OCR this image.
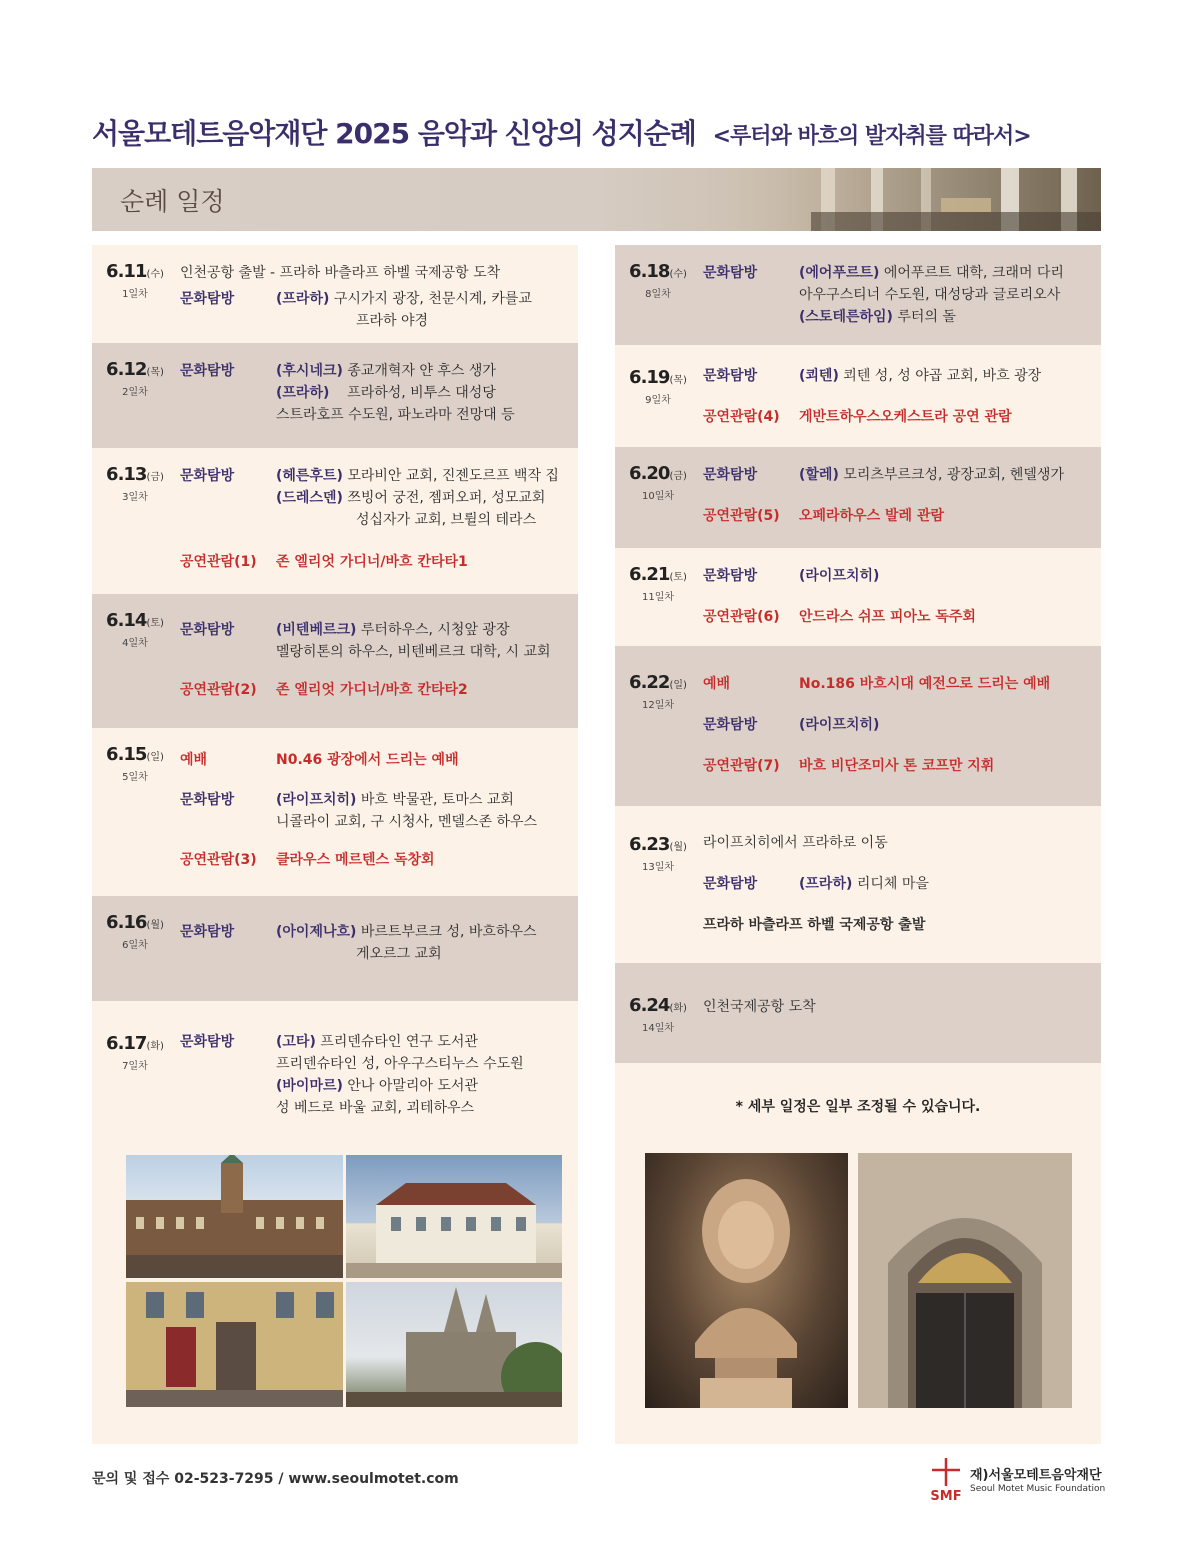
서울모테트음악재단 2025 음악과 신앙의 성지순례 <루터와 바흐의 발자취를 따라서>
순례 일정
6.11(수)
1일차
인천공항 출발 - 프라하 바츨라프 하벨 국제공항 도착
문화탐방	(프라하) 구시가지 광장, 천문시계, 카를교
프라하 야경
6.12(목)
2일차
문화탐방	(후시네크) 종교개혁자 얀 후스 생가
(프라하)    프라하성, 비투스 대성당
스트라호프 수도원, 파노라마 전망대 등
6.13(금)
3일차
문화탐방	(헤른후트) 모라비안 교회, 진젠도르프 백작 집
(드레스덴) 쯔빙어 궁전, 젬퍼오퍼, 성모교회
성십자가 교회, 브륄의 테라스
공연관람(1) 존 엘리엇 가디너/바흐 칸타타1
6.14(토)
4일차
문화탐방	(비텐베르크) 루터하우스, 시청앞 광장
멜랑히톤의 하우스, 비텐베르크 대학, 시 교회
공연관람(2) 존 엘리엇 가디너/바흐 칸타타2
6.15(일)
5일차
예배	N0.46 광장에서 드리는 예배
문화탐방	(라이프치히) 바흐 박물관, 토마스 교회
니콜라이 교회, 구 시청사, 멘델스존 하우스
공연관람(3) 클라우스 메르텐스 독창회
6.16(월)
6일차
문화탐방	(아이제나흐) 바르트부르크 성, 바흐하우스
게오르그 교회
6.17(화)
7일차
문화탐방	(고타) 프리덴슈타인 연구 도서관
프리덴슈타인 성, 아우구스티누스 수도원
(바이마르) 안나 아말리아 도서관
성 베드로 바울 교회, 괴테하우스
6.18(수)
8일차
문화탐방	(에어푸르트) 에어푸르트 대학, 크래머 다리
아우구스티너 수도원, 대성당과 글로리오사
(스토테른하임) 루터의 돌
6.19(목)
9일차
문화탐방	(쾨텐) 쾨텐 성, 성 야곱 교회, 바흐 광장
공연관람(4) 게반트하우스오케스트라 공연 관람
6.20(금)
10일차
문화탐방	(할레) 모리츠부르크성, 광장교회, 헨델생가
공연관람(5) 오페라하우스 발레 관람
6.21(토)
11일차
문화탐방	(라이프치히)
공연관람(6) 안드라스 쉬프 피아노 독주회
6.22(일)
12일차
예배	No.186 바흐시대 예전으로 드리는 예배
문화탐방	(라이프치히)
공연관람(7) 바흐 비단조미사 톤 코프만 지휘
6.23(월)
13일차
라이프치히에서 프라하로 이동
문화탐방	(프라하) 리디체 마을
프라하 바츨라프 하벨 국제공항 출발
6.24(화)
14일차
인천국제공항 도착
* 세부 일정은 일부 조정될 수 있습니다.
문의 및 접수 02-523-7295 / www.seoulmotet.com
SMF
재)서울모테트음악재단
Seoul Motet Music Foundation
